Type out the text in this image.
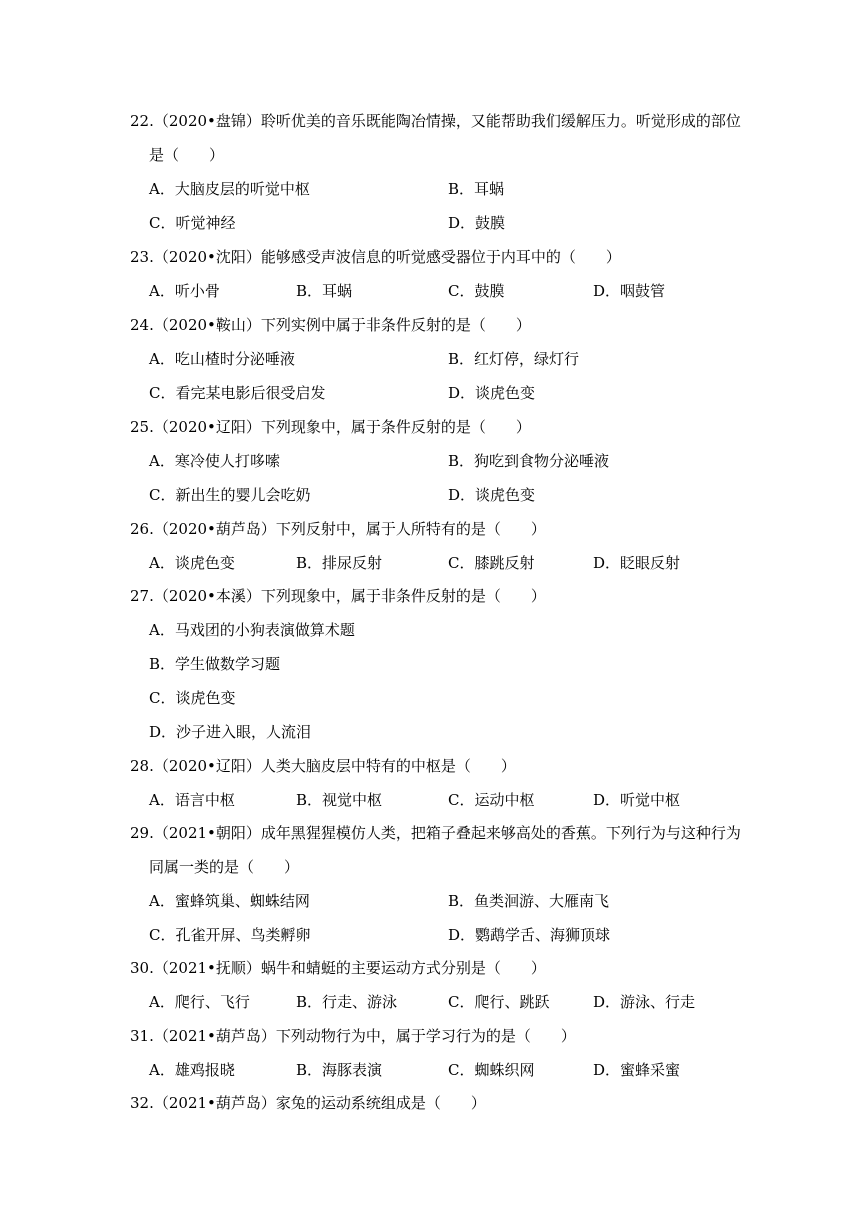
22.（2020•盘锦）聆听优美的音乐既能陶冶情操，又能帮助我们缓解压力。听觉形成的部位
是（　　）
A．大脑皮层的听觉中枢	B．耳蜗
C．听觉神经	D．鼓膜
23.（2020•沈阳）能够感受声波信息的听觉感受器位于内耳中的（　　）
A．听小骨	B．耳蜗	C．鼓膜	D．咽鼓管
24.（2020•鞍山）下列实例中属于非条件反射的是（　　）
A．吃山楂时分泌唾液	B．红灯停，绿灯行
C．看完某电影后很受启发	D．谈虎色变
25.（2020•辽阳）下列现象中，属于条件反射的是（　　）
A．寒冷使人打哆嗦	B．狗吃到食物分泌唾液
C．新出生的婴儿会吃奶	D．谈虎色变
26.（2020•葫芦岛）下列反射中，属于人所特有的是（　　）
A．谈虎色变	B．排尿反射	C．膝跳反射	D．眨眼反射
27.（2020•本溪）下列现象中，属于非条件反射的是（　　）
A．马戏团的小狗表演做算术题
B．学生做数学习题
C．谈虎色变
D．沙子进入眼，人流泪
28.（2020•辽阳）人类大脑皮层中特有的中枢是（　　）
A．语言中枢	B．视觉中枢	C．运动中枢	D．听觉中枢
29.（2021•朝阳）成年黑猩猩模仿人类，把箱子叠起来够高处的香蕉。下列行为与这种行为
同属一类的是（　　）
A．蜜蜂筑巢、蜘蛛结网	B．鱼类洄游、大雁南飞
C．孔雀开屏、鸟类孵卵	D．鹦鹉学舌、海狮顶球
30.（2021•抚顺）蜗牛和蜻蜓的主要运动方式分别是（　　）
A．爬行、飞行	B．行走、游泳	C．爬行、跳跃	D．游泳、行走
31.（2021•葫芦岛）下列动物行为中，属于学习行为的是（　　）
A．雄鸡报晓	B．海豚表演	C．蜘蛛织网	D．蜜蜂采蜜
32.（2021•葫芦岛）家兔的运动系统组成是（　　）
